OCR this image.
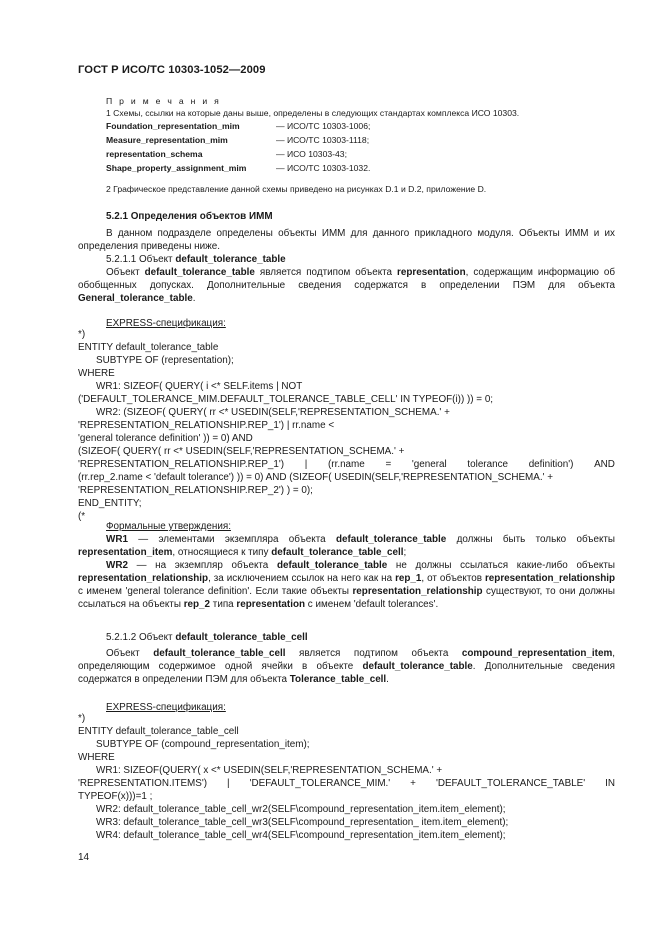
ГОСТ Р ИСО/ТС 10303-1052—2009
П р и м е ч а н и я
1 Схемы, ссылки на которые даны выше, определены в следующих стандартах комплекса ИСО 10303.
Foundation_representation_mim	— ИСО/ТС 10303-1006;
Measure_representation_mim	— ИСО/ТС 10303-1118;
representation_schema	— ИСО 10303-43;
Shape_property_assignment_mim	— ИСО/ТС 10303-1032.
2 Графическое представление данной схемы приведено на рисунках D.1 и D.2, приложение D.
5.2.1 Определения объектов ИММ
В данном подразделе определены объекты ИММ для данного прикладного модуля. Объекты ИММ и их определения приведены ниже.
5.2.1.1 Объект default_tolerance_table
Объект default_tolerance_table является подтипом объекта representation, содержащим информацию об обобщенных допусках. Дополнительные сведения содержатся в определении ПЭМ для объекта General_tolerance_table.
EXPRESS-спецификация:
*)
ENTITY default_tolerance_table
SUBTYPE OF (representation);
WHERE
WR1: SIZEOF( QUERY( i <* SELF.items | NOT
('DEFAULT_TOLERANCE_MIM.DEFAULT_TOLERANCE_TABLE_CELL' IN TYPEOF(i)) )) = 0;
WR2: (SIZEOF( QUERY( rr <* USEDIN(SELF,'REPRESENTATION_SCHEMA.' +
'REPRESENTATION_RELATIONSHIP.REP_1') | rr.name <
'general tolerance definition' )) = 0) AND
(SIZEOF( QUERY( rr <* USEDIN(SELF,'REPRESENTATION_SCHEMA.' +
'REPRESENTATION_RELATIONSHIP.REP_1') | (rr.name = 'general tolerance definition') AND
(rr.rep_2.name < 'default tolerance') )) = 0) AND (SIZEOF( USEDIN(SELF,'REPRESENTATION_SCHEMA.' +
'REPRESENTATION_RELATIONSHIP.REP_2') ) = 0);
END_ENTITY;
(*
Формальные утверждения:
WR1 — элементами экземпляра объекта default_tolerance_table должны быть только объекты representation_item, относящиеся к типу default_tolerance_table_cell;
WR2 — на экземпляр объекта default_tolerance_table не должны ссылаться какие-либо объекты representation_relationship, за исключением ссылок на него как на rep_1, от объектов representation_relationship с именем 'general tolerance definition'. Если такие объекты representation_relationship существуют, то они должны ссылаться на объекты rep_2 типа representation с именем 'default tolerances'.
5.2.1.2 Объект default_tolerance_table_cell
Объект default_tolerance_table_cell является подтипом объекта compound_representation_item, определяющим содержимое одной ячейки в объекте default_tolerance_table. Дополнительные сведения содержатся в определении ПЭМ для объекта Tolerance_table_cell.
EXPRESS-спецификация:
*)
ENTITY default_tolerance_table_cell
SUBTYPE OF (compound_representation_item);
WHERE
WR1: SIZEOF(QUERY( x <* USEDIN(SELF,'REPRESENTATION_SCHEMA.' +
'REPRESENTATION.ITEMS') | 'DEFAULT_TOLERANCE_MIM.' + 'DEFAULT_TOLERANCE_TABLE' IN
TYPEOF(x)))=1 ;
WR2: default_tolerance_table_cell_wr2(SELF\compound_representation_item.item_element);
WR3: default_tolerance_table_cell_wr3(SELF\compound_representation_ item.item_element);
WR4: default_tolerance_table_cell_wr4(SELF\compound_representation_item.item_element);
14
